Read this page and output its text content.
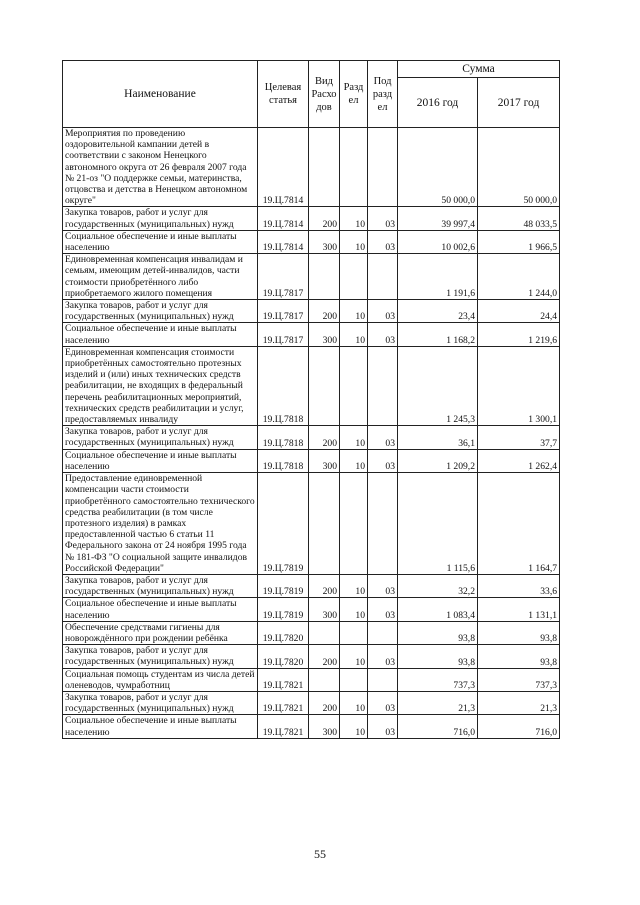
Наименование	Целевая статья	Вид Расхо дов	Разд ел	Под разд ел	Сумма	
					2016 год	2017 год
Мероприятия по проведению оздоровительной кампании детей в соответствии с законом Ненецкого автономного округа от 26 февраля 2007 года № 21-оз "О поддержке семьи, материнства, отцовства и детства в Ненецком автономном округе"	19.Ц.7814				50 000,0	50 000,0
Закупка товаров, работ и услуг для государственных (муниципальных) нужд	19.Ц.7814	200	10	03	39 997,4	48 033,5
Социальное обеспечение и иные выплаты населению	19.Ц.7814	300	10	03	10 002,6	1 966,5
Единовременная компенсация инвалидам и семьям, имеющим детей-инвалидов, части стоимости приобретённого либо приобретаемого жилого помещения	19.Ц.7817				1 191,6	1 244,0
Закупка товаров, работ и услуг для государственных (муниципальных) нужд	19.Ц.7817	200	10	03	23,4	24,4
Социальное обеспечение и иные выплаты населению	19.Ц.7817	300	10	03	1 168,2	1 219,6
Единовременная компенсация стоимости приобретённых самостоятельно протезных изделий и (или) иных технических средств реабилитации, не входящих в федеральный перечень реабилитационных мероприятий, технических средств реабилитации и услуг, предоставляемых инвалиду	19.Ц.7818				1 245,3	1 300,1
Закупка товаров, работ и услуг для государственных (муниципальных) нужд	19.Ц.7818	200	10	03	36,1	37,7
Социальное обеспечение и иные выплаты населению	19.Ц.7818	300	10	03	1 209,2	1 262,4
Предоставление единовременной компенсации части стоимости приобретённого самостоятельно технического средства реабилитации (в том числе протезного изделия) в рамках предоставленной частью 6 статьи 11 Федерального закона от 24 ноября 1995 года № 181-ФЗ "О социальной защите инвалидов Российской Федерации"	19.Ц.7819				1 115,6	1 164,7
Закупка товаров, работ и услуг для государственных (муниципальных) нужд	19.Ц.7819	200	10	03	32,2	33,6
Социальное обеспечение и иные выплаты населению	19.Ц.7819	300	10	03	1 083,4	1 131,1
Обеспечение средствами гигиены для новорождённого при рождении ребёнка	19.Ц.7820				93,8	93,8
Закупка товаров, работ и услуг для государственных (муниципальных) нужд	19.Ц.7820	200	10	03	93,8	93,8
Социальная помощь студентам из числа детей оленеводов, чумработниц	19.Ц.7821				737,3	737,3
Закупка товаров, работ и услуг для государственных (муниципальных) нужд	19.Ц.7821	200	10	03	21,3	21,3
Социальное обеспечение и иные выплаты населению	19.Ц.7821	300	10	03	716,0	716,0
55
